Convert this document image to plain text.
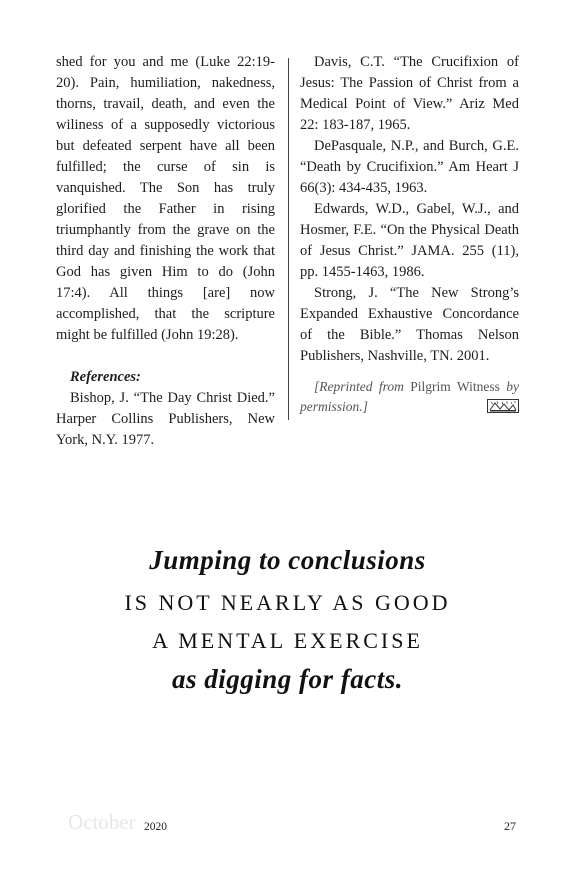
shed for you and me (Luke 22:19-20). Pain, humiliation, nakedness, thorns, travail, death, and even the wiliness of a supposedly victorious but defeated serpent have all been fulfilled; the curse of sin is vanquished. The Son has truly glorified the Father in rising triumphantly from the grave on the third day and finishing the work that God has given Him to do (John 17:4). All things [are] now accomplished, that the scripture might be fulfilled (John 19:28).

References:

Bishop, J. “The Day Christ Died.” Harper Collins Publishers, New York, N.Y. 1977.

Davis, C.T. “The Crucifixion of Jesus: The Passion of Christ from a Medical Point of View.” Ariz Med 22: 183-187, 1965.

DePasquale, N.P., and Burch, G.E. “Death by Crucifixion.” Am Heart J 66(3): 434-435, 1963.

Edwards, W.D., Gabel, W.J., and Hosmer, F.E. “On the Physical Death of Jesus Christ.” JAMA. 255 (11), pp. 1455-1463, 1986.

Strong, J. “The New Strong’s Expanded Exhaustive Concordance of the Bible.” Thomas Nelson Publishers, Nashville, TN. 2001.

[Reprinted from Pilgrim Witness by permission.]

Jumping to conclusions
IS NOT NEARLY AS GOOD
A MENTAL EXERCISE
as digging for facts.
October 2020	27
